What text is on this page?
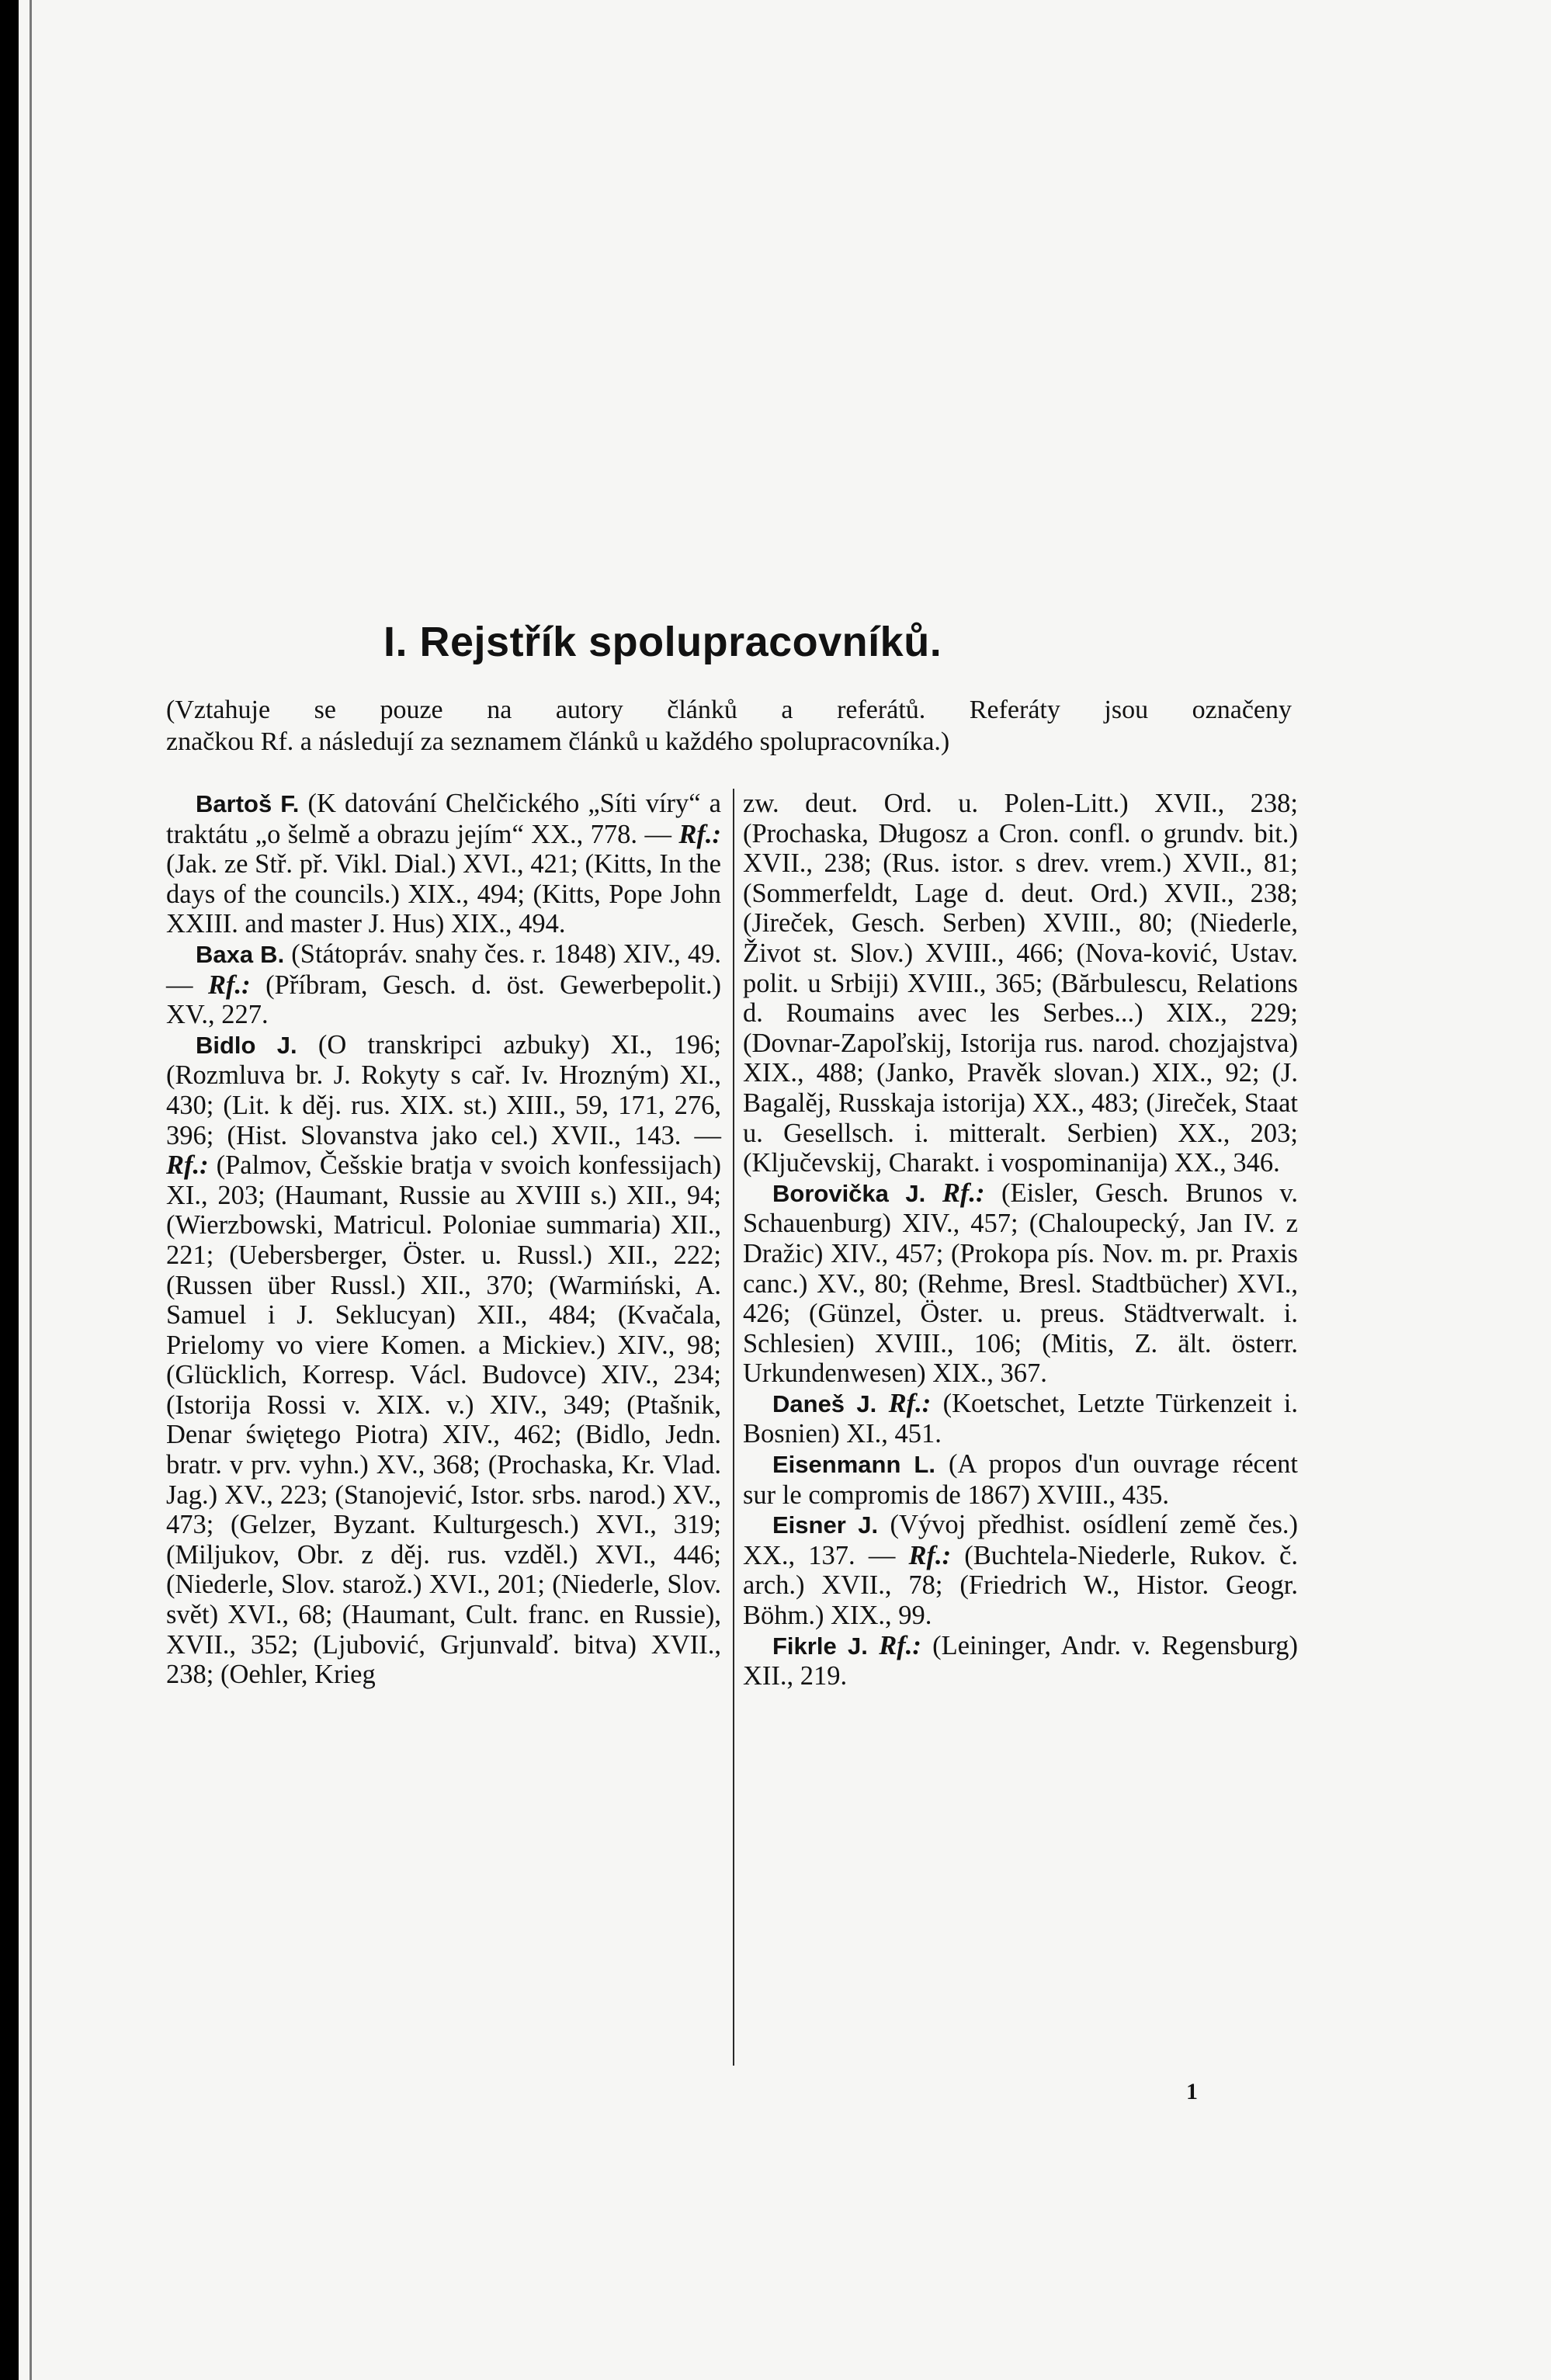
I. Rejstřík spolupracovníků.
(Vztahuje se pouze na autory článků a referátů. Referáty jsou označeny
značkou Rf. a následují za seznamem článků u každého spolupracovníka.)

Bartoš F. (K datování Chelčického „Síti víry“ a traktátu „o šelmě a obrazu jejím“ XX., 778. — Rf.: (Jak. ze Stř. př. Vikl. Dial.) XVI., 421; (Kitts, In the days of the councils.) XIX., 494; (Kitts, Pope John XXIII. and master J. Hus) XIX., 494.

Baxa B. (Státopráv. snahy čes. r. 1848) XIV., 49. — Rf.: (Příbram, Gesch. d. öst. Gewerbepolit.) XV., 227.

Bidlo J. (O transkripci azbuky) XI., 196; (Rozmluva br. J. Rokyty s cař. Iv. Hrozným) XI., 430; (Lit. k děj. rus. XIX. st.) XIII., 59, 171, 276, 396; (Hist. Slovanstva jako cel.) XVII., 143. — Rf.: (Palmov, Češskie bratja v svoich konfessijach) XI., 203; (Haumant, Russie au XVIII s.) XII., 94; (Wierzbowski, Matricul. Poloniae summaria) XII., 221; (Uebersberger, Öster. u. Russl.) XII., 222; (Russen über Russl.) XII., 370; (Warmiński, A. Samuel i J. Seklucyan) XII., 484; (Kvačala, Prielomy vo viere Komen. a Mickiev.) XIV., 98; (Glücklich, Korresp. Václ. Budovce) XIV., 234; (Istorija Rossi v. XIX. v.) XIV., 349; (Ptašnik, Denar świętego Piotra) XIV., 462; (Bidlo, Jedn. bratr. v prv. vyhn.) XV., 368; (Prochaska, Kr. Vlad. Jag.) XV., 223; (Stanojević, Istor. srbs. narod.) XV., 473; (Gelzer, Byzant. Kulturgesch.) XVI., 319; (Miljukov, Obr. z děj. rus. vzděl.) XVI., 446; (Niederle, Slov. starož.) XVI., 201; (Niederle, Slov. svět) XVI., 68; (Haumant, Cult. franc. en Russie), XVII., 352; (Ljubović, Grjunvalď. bitva) XVII., 238; (Oehler, Krieg

zw. deut. Ord. u. Polen-Litt.) XVII., 238; (Prochaska, Długosz a Cron. confl. o grundv. bit.) XVII., 238; (Rus. istor. s drev. vrem.) XVII., 81; (Sommerfeldt, Lage d. deut. Ord.) XVII., 238; (Jireček, Gesch. Serben) XVIII., 80; (Niederle, Život st. Slov.) XVIII., 466; (Nova-ković, Ustav. polit. u Srbiji) XVIII., 365; (Bărbulescu, Relations d. Roumains avec les Serbes...) XIX., 229; (Dovnar-Zapoľskij, Istorija rus. narod. chozjajstva) XIX., 488; (Janko, Pravěk slovan.) XIX., 92; (J. Bagalěj, Russkaja istorija) XX., 483; (Jireček, Staat u. Gesellsch. i. mitteralt. Serbien) XX., 203; (Ključevskij, Charakt. i vospominanija) XX., 346.

Borovička J. Rf.: (Eisler, Gesch. Brunos v. Schauenburg) XIV., 457; (Chaloupecký, Jan IV. z Dražic) XIV., 457; (Prokopa pís. Nov. m. pr. Praxis canc.) XV., 80; (Rehme, Bresl. Stadtbücher) XVI., 426; (Günzel, Öster. u. preus. Städtverwalt. i. Schlesien) XVIII., 106; (Mitis, Z. ält. österr. Urkundenwesen) XIX., 367.

Daneš J. Rf.: (Koetschet, Letzte Türkenzeit i. Bosnien) XI., 451.

Eisenmann L. (A propos d'un ouvrage récent sur le compromis de 1867) XVIII., 435.

Eisner J. (Vývoj předhist. osídlení země čes.) XX., 137. — Rf.: (Buchtela-Niederle, Rukov. č. arch.) XVII., 78; (Friedrich W., Histor. Geogr. Böhm.) XIX., 99.

Fikrle J. Rf.: (Leininger, Andr. v. Regensburg) XII., 219.

1
